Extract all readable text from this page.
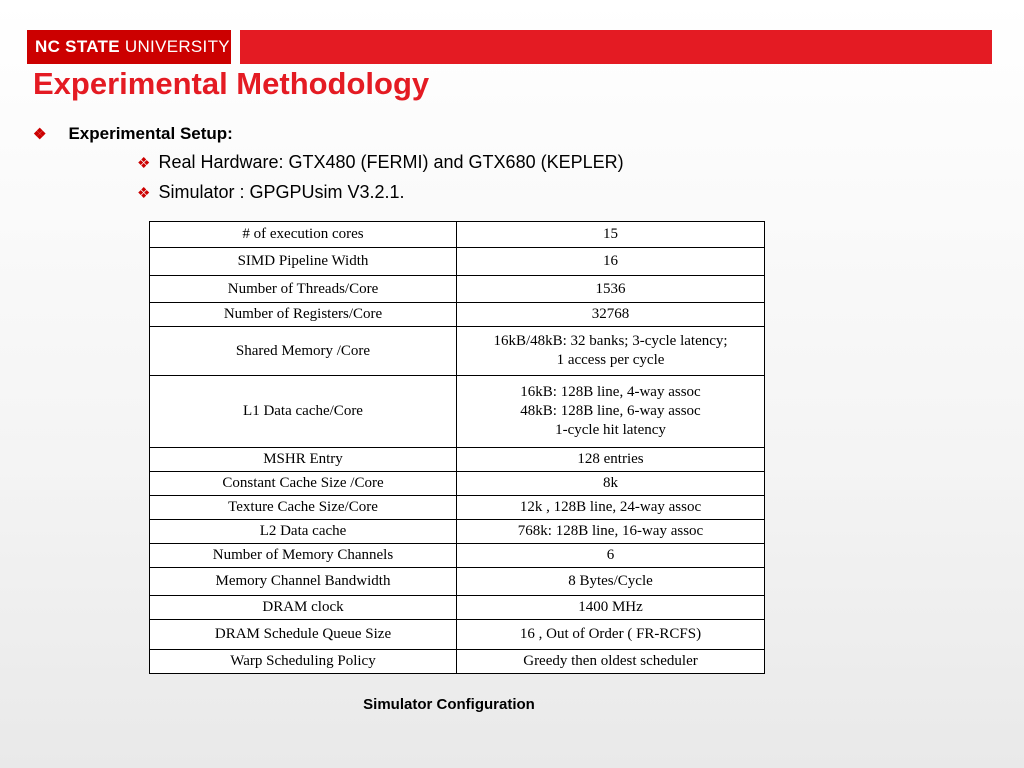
NC STATE UNIVERSITY
Experimental Methodology
❖ Experimental Setup:
❖ Real Hardware: GTX480 (FERMI) and GTX680 (KEPLER)
❖ Simulator : GPGPUsim V3.2.1.
# of execution cores	15
SIMD Pipeline Width	16
Number of Threads/Core	1536
Number of Registers/Core	32768
Shared Memory /Core	16kB/48kB: 32 banks; 3-cycle latency;
1 access per cycle

L1 Data cache/Core	16kB: 128B line, 4-way assoc
48kB: 128B line, 6-way assoc
1-cycle hit latency

MSHR Entry	128 entries
Constant Cache Size /Core	8k
Texture Cache Size/Core	12k , 128B line, 24-way assoc
L2 Data cache	768k: 128B line, 16-way assoc
Number of Memory Channels	6
Memory Channel Bandwidth	8 Bytes/Cycle
DRAM clock	1400 MHz
DRAM Schedule Queue Size	16 , Out of Order ( FR-RCFS)
Warp Scheduling Policy	Greedy then oldest scheduler
Simulator Configuration
